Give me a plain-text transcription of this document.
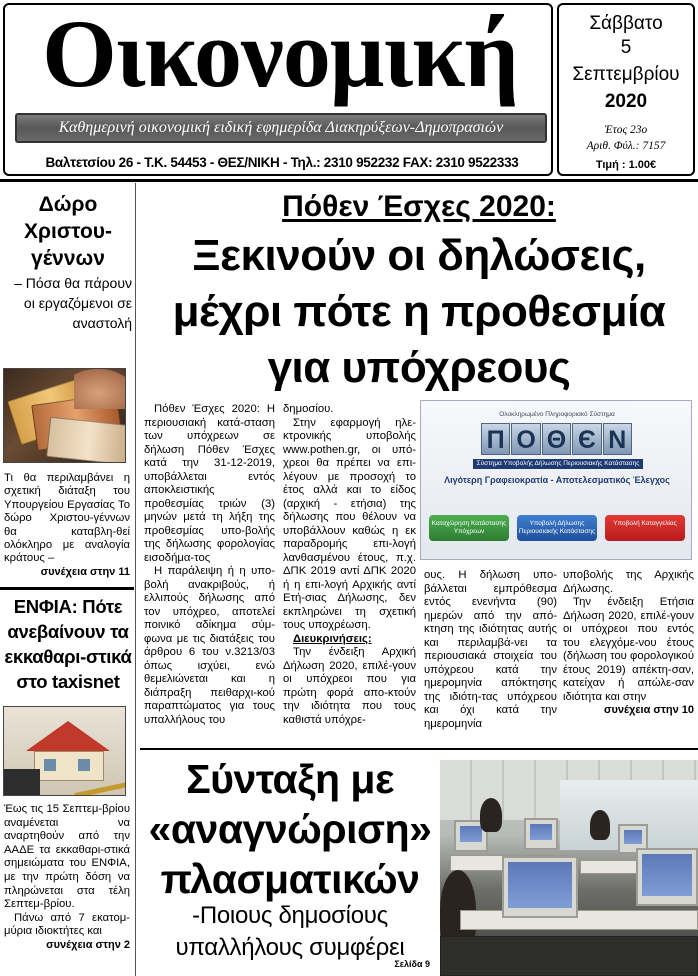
Οικονομική
Καθημερινή οικονομική ειδική εφημερίδα Διακηρύξεων-Δημοπρασιών
Βαλτετσίου 26 - Τ.Κ. 54453 - ΘΕΣ/ΝΙΚΗ - Τηλ.: 2310 952232 FAX: 2310 9522333
Σάββατο
5
Σεπτεμβρίου
2020
Έτος 23ο
Αριθ. Φύλ.: 7157
Τιμή : 1.00€
Δώρο Χριστου-γέννων
– Πόσα θα πάρουν οι εργαζόμενοι σε αναστολή
Τι θα περιλαμβάνει η σχετική διάταξη του Υπουργείου Εργασίας Το δώρο Χριστου-γέννων θα καταβλη-θεί ολόκληρο με αναλογία κράτους –
συνέχεια στην 11
ΕΝΦΙΑ: Πότε ανεβαίνουν τα εκκαθαρι-στικά στο taxisnet
Έως τις 15 Σεπτεμ-βρίου αναμένεται να αναρτηθούν από την ΑΑΔΕ τα εκκαθαρι-στικά σημειώματα του ΕΝΦΙΑ, με την πρώτη δόση να πληρώνεται στα τέλη Σεπτεμ-βρίου.
Πάνω από 7 εκατομ-μύρια ιδιοκτήτες και
συνέχεια στην 2
Πόθεν Έσχες 2020:
Ξεκινούν οι δηλώσεις, μέχρι πότε η προθεσμία για υπόχρεους

Πόθεν Έσχες 2020: Η περιουσιακή κατά-σταση των υπόχρεων σε δήλωση Πόθεν Έσχες κατά την 31-12-2019, υποβάλλεται εντός αποκλειστικής προθεσμίας τριών (3) μηνών μετά τη λήξη της προθεσμίας υπο-βολής της δήλωσης φορολογίας εισοδήμα-τος

Η παράλειψη ή η υπο-βολή ανακριβούς, ή ελλιπούς δήλωσης από τον υπόχρεο, αποτελεί ποινικό αδίκημα σύμ-φωνα με τις διατάξεις του άρθρου 6 του ν.3213/03 όπως ισχύει, ενώ θεμελιώνεται και η διάπραξη πειθαρχι-κού παραπτώματος για τους υπαλλήλους του

δημοσίου.

Στην εφαρμογή ηλε-κτρονικής υποβολής www.pothen.gr, οι υπό-χρεοι θα πρέπει να επι-λέγουν με προσοχή το έτος αλλά και το είδος (αρχική - ετήσια) της δήλωσης που θέλουν να υποβάλλουν καθώς η εκ παραδρομής επι-λογή λανθασμένου έτους, π.χ. ΔΠΚ 2019 αντί ΔΠΚ 2020 ή η επι-λογή Αρχικής αντί Ετή-σιας Δήλωσης, δεν εκπληρώνει τη σχετική τους υποχρέωση.

Διευκρινήσεις:

Την ένδειξη Αρχική Δήλωση 2020, επιλέ-γουν οι υπόχρεοι που για πρώτη φορά απο-κτούν την ιδιότητα που τους καθιστά υπόχρε-

ους. Η δήλωση υπο-βάλλεται εμπρόθεσμα εντός ενενήντα (90) ημερών από την από-κτηση της ιδιότητας αυτής και περιλαμβά-νει τα περιουσιακά στοιχεία του υπόχρεου κατά την ημερομηνία απόκτησης της ιδιότη-τας υπόχρεου και όχι κατά την ημερομηνία

υποβολής της Αρχικής Δήλωσης.

Την ένδειξη Ετήσια Δήλωση 2020, επιλέ-γουν οι υπόχρεοι που εντός του ελεγχόμε-νου έτους (δήλωση του φορολογικού έτους 2019) απέκτη-σαν, κατείχαν ή απώλε-σαν ιδιότητα και στην

συνέχεια στην 10
Ολοκληρωμένο Πληροφοριακό Σύστημα
Π Ο Θ Є Ν
Σύστημα Υποβολής Δήλωσης Περιουσιακής Κατάστασης
Λιγότερη Γραφειοκρατία - Αποτελεσματικός Έλεγχος
Καταχώρηση Κατάστασης Υπόχρεων
Υποβολή Δήλωσης Περιουσιακής Κατάστασης
Υποβολή Καταγγελίας
Σύνταξη με «αναγνώριση» πλασματικών
-Ποιους δημοσίους υπαλλήλους συμφέρει
Σελίδα 9
